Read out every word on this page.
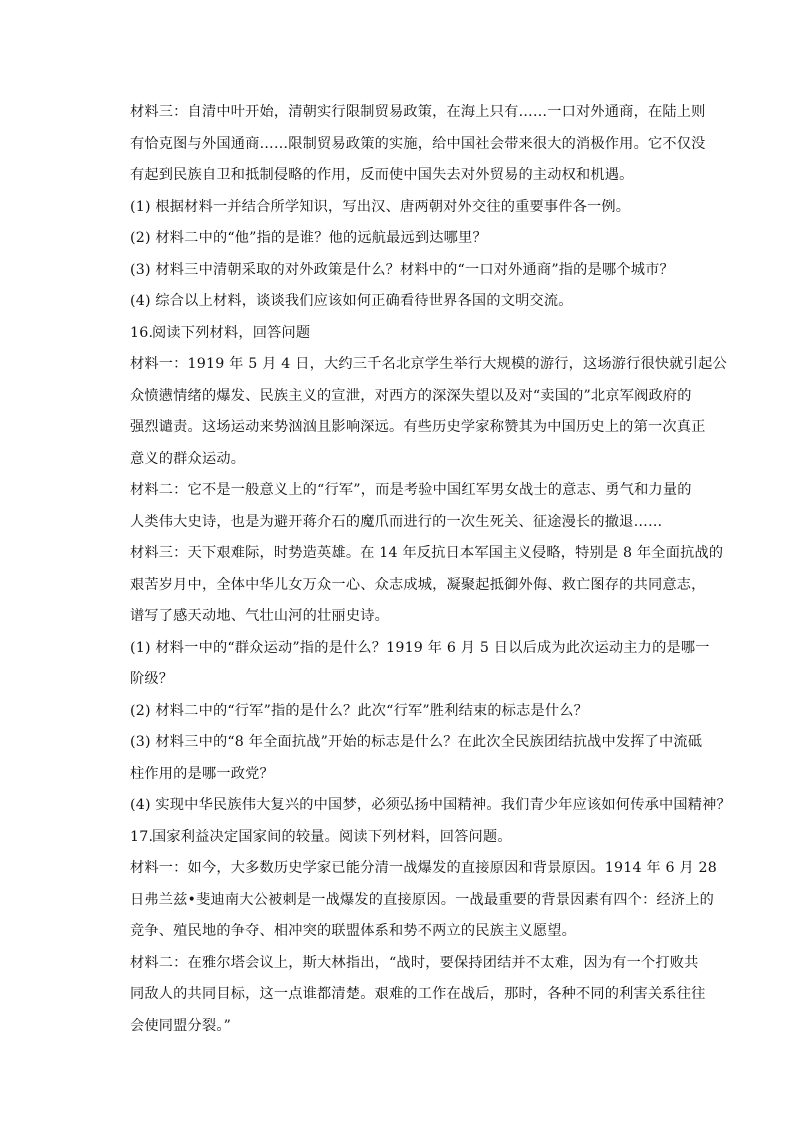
材料三：自清中叶开始，清朝实行限制贸易政策，在海上只有……一口对外通商，在陆上则
有恰克图与外国通商……限制贸易政策的实施，给中国社会带来很大的消极作用。它不仅没
有起到民族自卫和抵制侵略的作用，反而使中国失去对外贸易的主动权和机遇。
(1) 根据材料一并结合所学知识，写出汉、唐两朝对外交往的重要事件各一例。
(2) 材料二中的“他”指的是谁？他的远航最远到达哪里？
(3) 材料三中清朝采取的对外政策是什么？材料中的“一口对外通商”指的是哪个城市？
(4) 综合以上材料，谈谈我们应该如何正确看待世界各国的文明交流。
16.阅读下列材料，回答问题
材料一：1919 年 5 月 4 日，大约三千名北京学生举行大规模的游行，这场游行很快就引起公
众愤懑情绪的爆发、民族主义的宣泄，对西方的深深失望以及对“卖国的”北京军阀政府的
强烈谴责。这场运动来势汹汹且影响深远。有些历史学家称赞其为中国历史上的第一次真正
意义的群众运动。
材料二：它不是一般意义上的“行军”，而是考验中国红军男女战士的意志、勇气和力量的
人类伟大史诗，也是为避开蒋介石的魔爪而进行的一次生死关、征途漫长的撤退……
材料三：天下艰难际，时势造英雄。在 14 年反抗日本军国主义侵略，特别是 8 年全面抗战的
艰苦岁月中，全体中华儿女万众一心、众志成城，凝聚起抵御外侮、救亡图存的共同意志，
谱写了感天动地、气壮山河的壮丽史诗。
(1) 材料一中的“群众运动”指的是什么？1919 年 6 月 5 日以后成为此次运动主力的是哪一
阶级？
(2) 材料二中的“行军”指的是什么？此次“行军”胜利结束的标志是什么？
(3) 材料三中的“8 年全面抗战”开始的标志是什么？在此次全民族团结抗战中发挥了中流砥
柱作用的是哪一政党？
(4) 实现中华民族伟大复兴的中国梦，必须弘扬中国精神。我们青少年应该如何传承中国精神？
17.国家利益决定国家间的较量。阅读下列材料，回答问题。
材料一：如今，大多数历史学家已能分清一战爆发的直接原因和背景原因。1914 年 6 月 28
日弗兰兹•斐迪南大公被刺是一战爆发的直接原因。一战最重要的背景因素有四个：经济上的
竞争、殖民地的争夺、相冲突的联盟体系和势不两立的民族主义愿望。
材料二：在雅尔塔会议上，斯大林指出，“战时，要保持团结并不太难，因为有一个打败共
同敌人的共同目标，这一点谁都清楚。艰难的工作在战后，那时，各种不同的利害关系往往
会使同盟分裂。”
